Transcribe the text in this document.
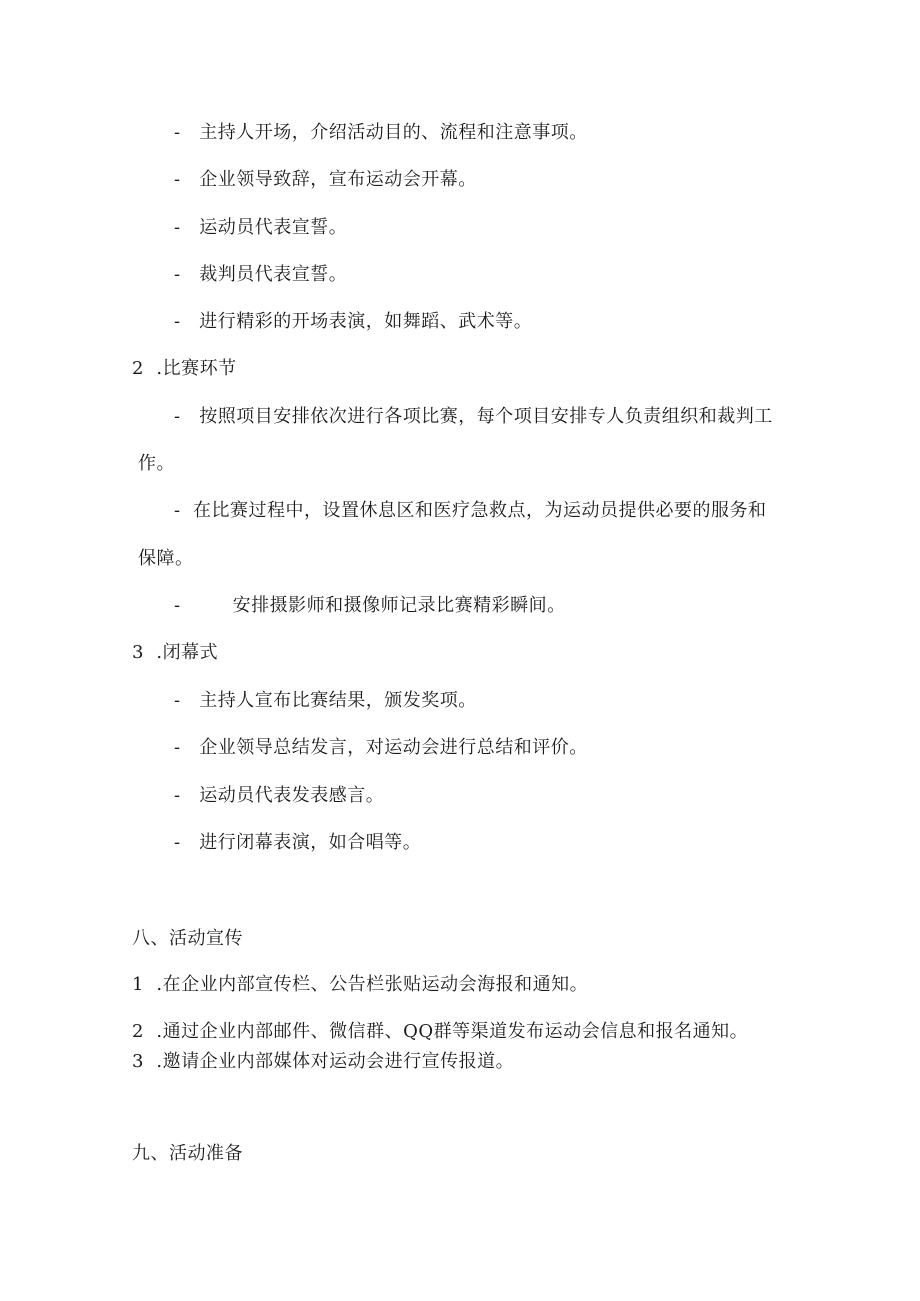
- 主持人开场，介绍活动目的、流程和注意事项。
- 企业领导致辞，宣布运动会开幕。
- 运动员代表宣誓。
- 裁判员代表宣誓。
- 进行精彩的开场表演，如舞蹈、武术等。
2 .比赛环节
- 按照项目安排依次进行各项比赛，每个项目安排专人负责组织和裁判工
作。
- 在比赛过程中，设置休息区和医疗急救点，为运动员提供必要的服务和
保障。
-	安排摄影师和摄像师记录比赛精彩瞬间。
3 .闭幕式
- 主持人宣布比赛结果，颁发奖项。
- 企业领导总结发言，对运动会进行总结和评价。
- 运动员代表发表感言。
- 进行闭幕表演，如合唱等。
八、活动宣传
1 .在企业内部宣传栏、公告栏张贴运动会海报和通知。
2 .通过企业内部邮件、微信群、QQ群等渠道发布运动会信息和报名通知。
3 .邀请企业内部媒体对运动会进行宣传报道。
九、活动准备
